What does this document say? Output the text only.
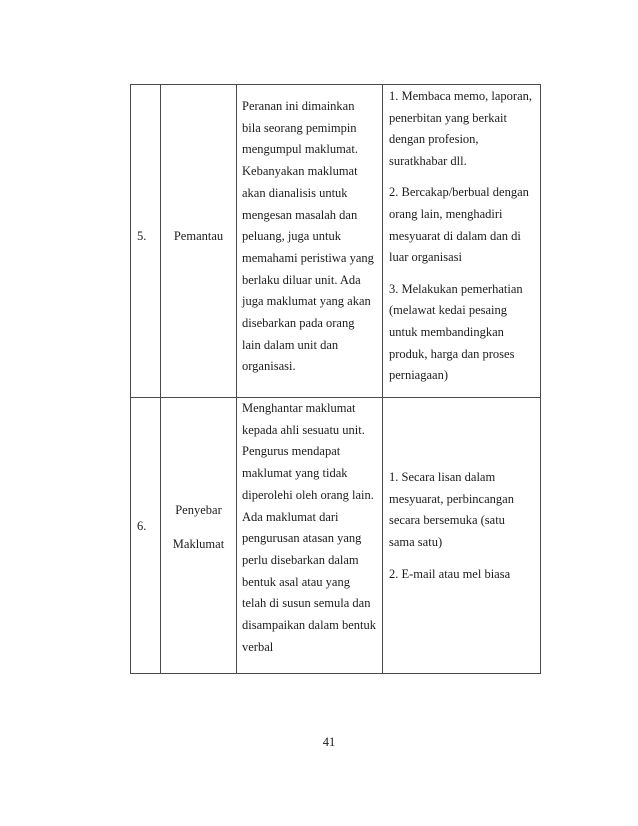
5.	Pemantau
Peranan ini dimainkan
bila seorang pemimpin
mengumpul maklumat.
Kebanyakan maklumat
akan dianalisis untuk
mengesan masalah dan
peluang, juga untuk
memahami peristiwa yang
berlaku diluar unit. Ada
juga maklumat yang akan
disebarkan pada orang
lain dalam unit dan
organisasi.
1. Membaca memo, laporan,
penerbitan yang berkait
dengan profesion,
suratkhabar dll.
2. Bercakap/berbual dengan
orang lain, menghadiri
mesyuarat di dalam dan di
luar organisasi
3. Melakukan pemerhatian
(melawat kedai pesaing
untuk membandingkan
produk, harga dan proses
perniagaan)
6.
Penyebar
Maklumat
Menghantar maklumat
kepada ahli sesuatu unit.
Pengurus mendapat
maklumat yang tidak
diperolehi oleh orang lain.
Ada maklumat dari
pengurusan atasan yang
perlu disebarkan dalam
bentuk asal atau yang
telah di susun semula dan
disampaikan dalam bentuk
verbal
1. Secara lisan dalam
mesyuarat, perbincangan
secara bersemuka (satu
sama satu)
2. E-mail atau mel biasa
41
